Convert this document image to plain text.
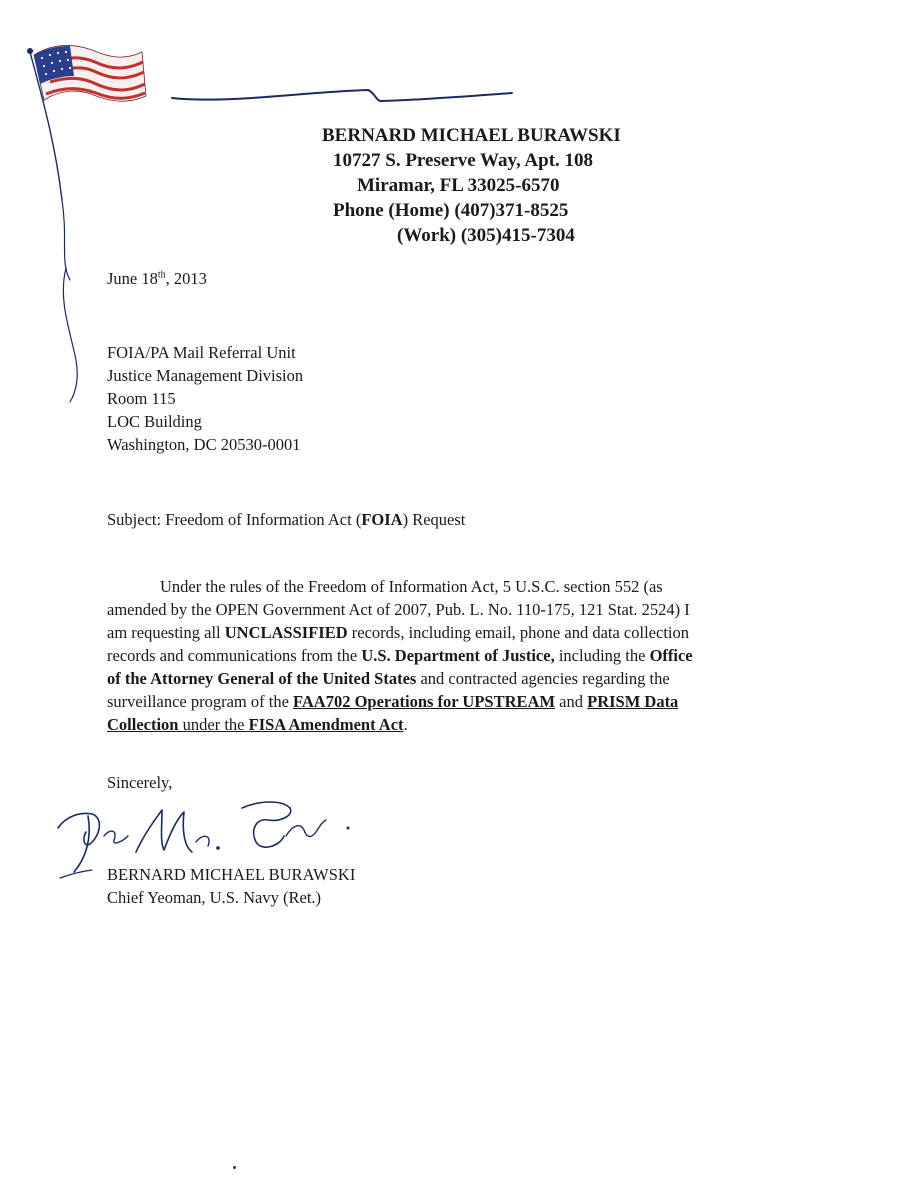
BERNARD MICHAEL BURAWSKI
10727 S. Preserve Way, Apt. 108
Miramar, FL 33025-6570
Phone (Home) (407)371-8525
(Work) (305)415-7304
June 18th, 2013
FOIA/PA Mail Referral Unit
Justice Management Division
Room 115
LOC Building
Washington, DC 20530-0001
Subject: Freedom of Information Act (FOIA) Request
Under the rules of the Freedom of Information Act, 5 U.S.C. section 552 (as
amended by the OPEN Government Act of 2007, Pub. L. No. 110-175, 121 Stat. 2524) I
am requesting all UNCLASSIFIED records, including email, phone and data collection
records and communications from the U.S. Department of Justice, including the Office
of the Attorney General of the United States and contracted agencies regarding the
surveillance program of the FAA702 Operations for UPSTREAM and PRISM Data
Collection under the FISA Amendment Act.
Sincerely,
BERNARD MICHAEL BURAWSKI
Chief Yeoman, U.S. Navy (Ret.)
